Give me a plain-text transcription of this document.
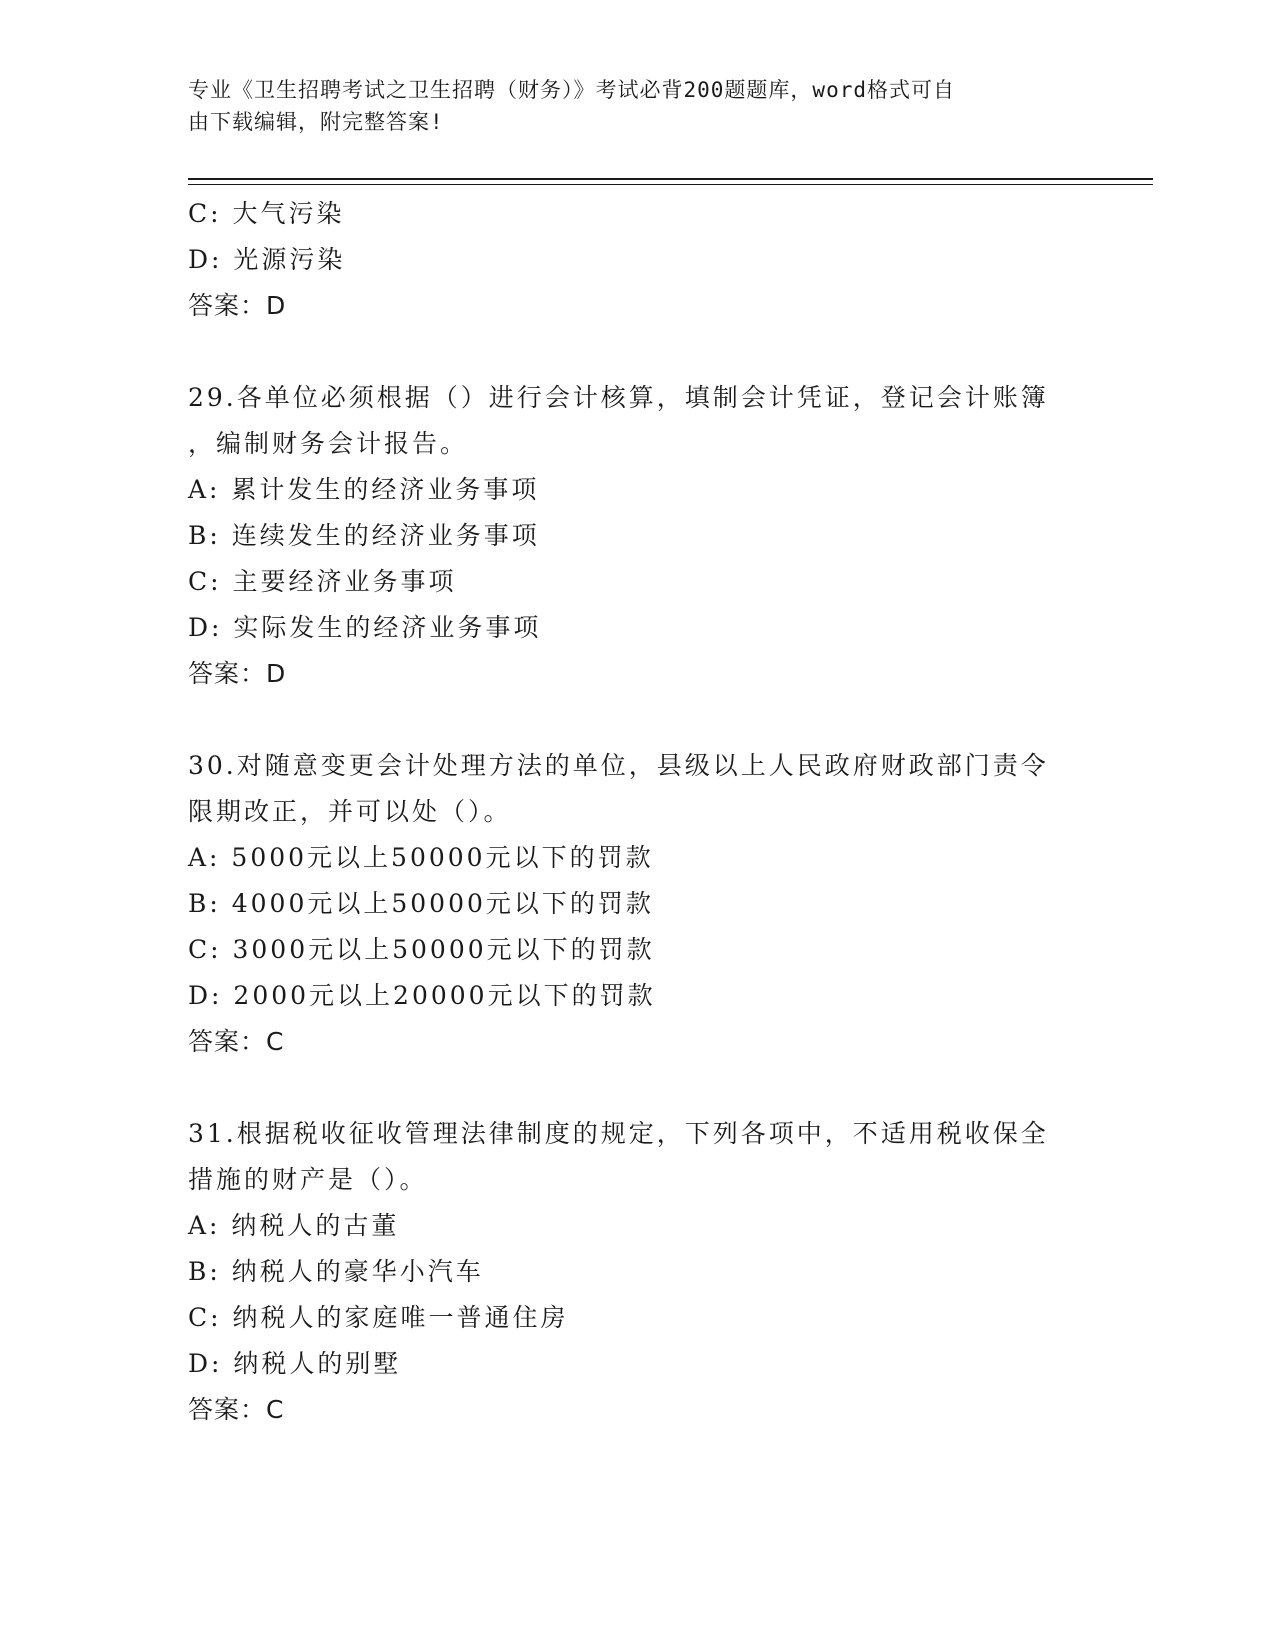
专业《卫生招聘考试之卫生招聘（财务）》考试必背200题题库，word格式可自
由下载编辑，附完整答案!
C: 大气污染
D: 光源污染
答案：D
29.各单位必须根据（）进行会计核算，填制会计凭证，登记会计账簿
，编制财务会计报告。
A: 累计发生的经济业务事项
B: 连续发生的经济业务事项
C: 主要经济业务事项
D: 实际发生的经济业务事项
答案：D
30.对随意变更会计处理方法的单位，县级以上人民政府财政部门责令
限期改正，并可以处（）。
A: 5000元以上50000元以下的罚款
B: 4000元以上50000元以下的罚款
C: 3000元以上50000元以下的罚款
D: 2000元以上20000元以下的罚款
答案：C
31.根据税收征收管理法律制度的规定，下列各项中，不适用税收保全
措施的财产是（）。
A: 纳税人的古董
B: 纳税人的豪华小汽车
C: 纳税人的家庭唯一普通住房
D: 纳税人的别墅
答案：C
